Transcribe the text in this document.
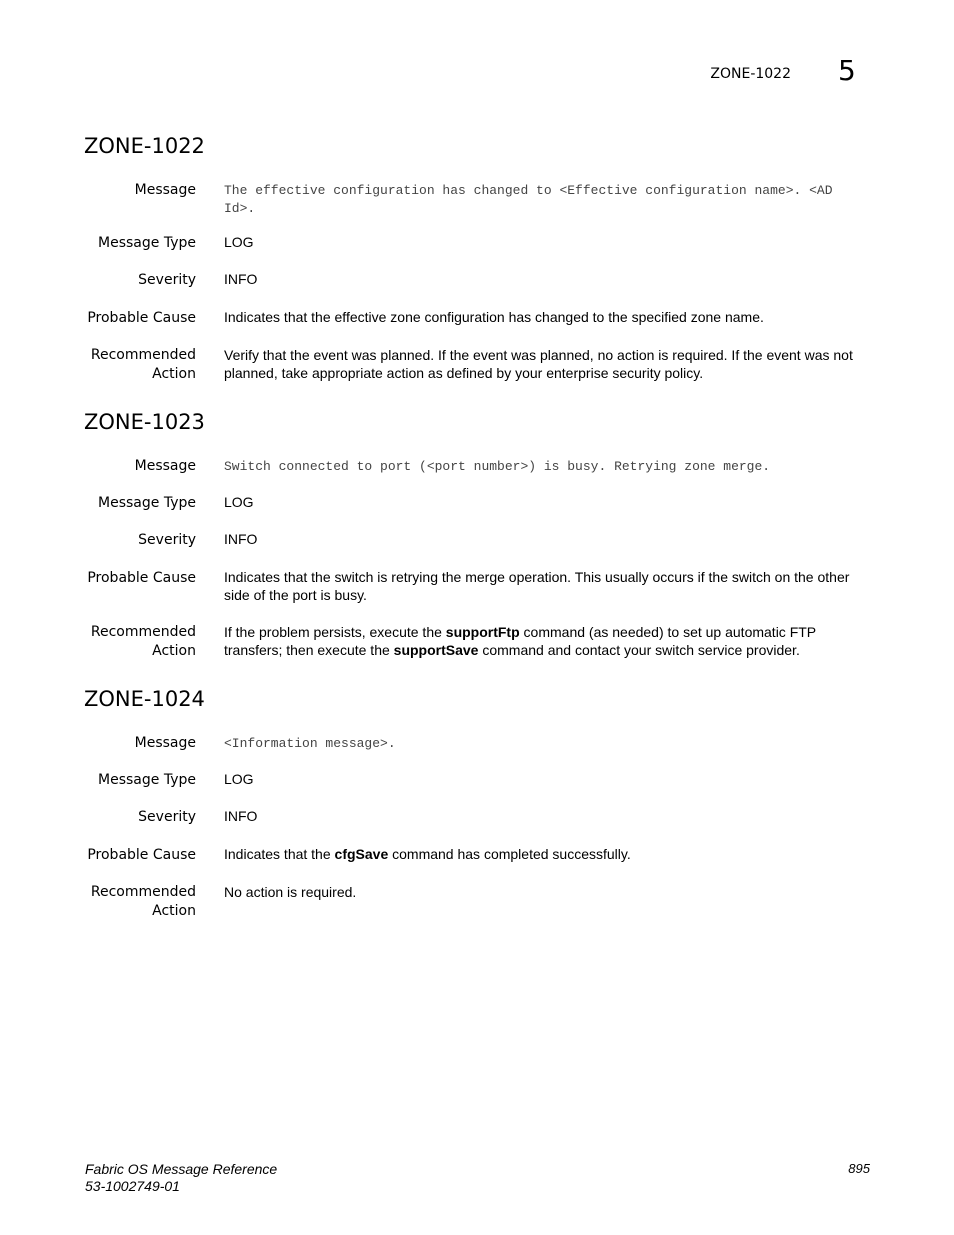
ZONE-1022 5
ZONE-1022
Message The effective configuration has changed to <Effective configuration name>. <AD Id>.
Message Type LOG
Severity INFO
Probable Cause Indicates that the effective zone configuration has changed to the specified zone name.
Recommended
Action
Verify that the event was planned. If the event was planned, no action is required. If the event was not planned, take appropriate action as defined by your enterprise security policy.
ZONE-1023
Message Switch connected to port (<port number>) is busy. Retrying zone merge.
Message Type LOG
Severity INFO
Probable Cause Indicates that the switch is retrying the merge operation. This usually occurs if the switch on the other side of the port is busy.
Recommended
Action
If the problem persists, execute the supportFtp command (as needed) to set up automatic FTP transfers; then execute the supportSave command and contact your switch service provider.
ZONE-1024
Message <Information message>.
Message Type LOG
Severity INFO
Probable Cause Indicates that the cfgSave command has completed successfully.
Recommended
Action
No action is required.
Fabric OS Message Reference
53-1002749-01
895
